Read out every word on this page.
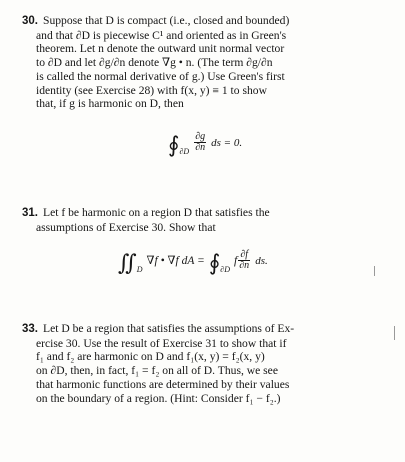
30. Suppose that D is compact (i.e., closed and bounded)
and that ∂D is piecewise C¹ and oriented as in Green's
theorem. Let n denote the outward unit normal vector
to ∂D and let ∂g/∂n denote ∇g • n. (The term ∂g/∂n
is called the normal derivative of g.) Use Green's first
identity (see Exercise 28) with f(x, y) ≡ 1 to show
that, if g is harmonic on D, then
$∮_{\partial D} \frac{\partial g}{\partial n}$ ds = 0.
31. Let f be harmonic on a region D that satisfies the
assumptions of Exercise 30. Show that
$∬_D$ ∇f • ∇f dA = $∮_{\partial D}$ f $\frac{\partial f}{\partial n}$ ds.
33. Let D be a region that satisfies the assumptions of Ex-
ercise 30. Use the result of Exercise 31 to show that if
f₁ and f₂ are harmonic on D and f₁(x, y) = f₂(x, y)
on ∂D, then, in fact, f₁ = f₂ on all of D. Thus, we see
that harmonic functions are determined by their values
on the boundary of a region. (Hint: Consider f₁ − f₂.)
